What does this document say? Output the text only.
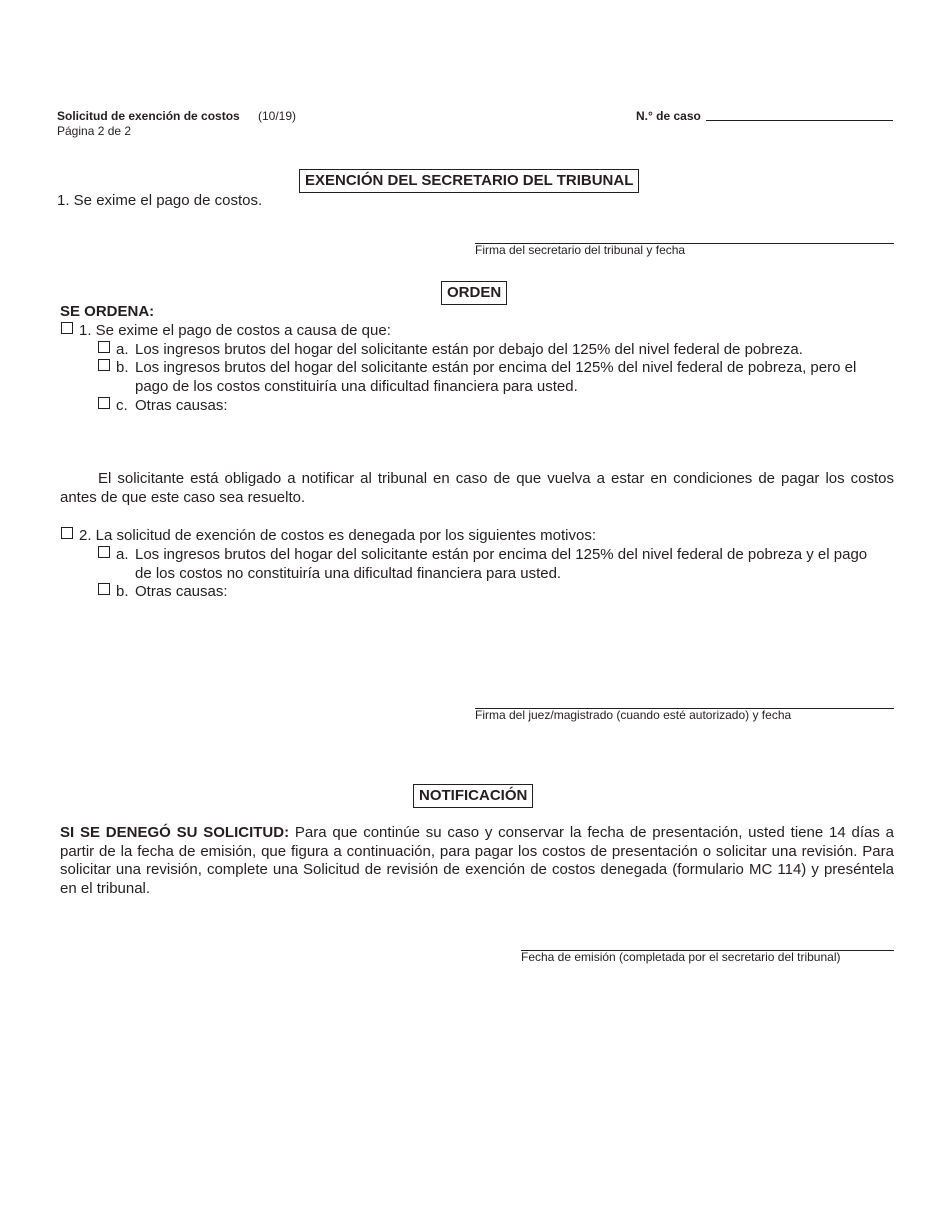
Solicitud de exención de costos (10/19)
Página 2 de 2
N.° de caso
EXENCIÓN DEL SECRETARIO DEL TRIBUNAL
1. Se exime el pago de costos.
Firma del secretario del tribunal y fecha
ORDEN
SE ORDENA:
1. Se exime el pago de costos a causa de que:
a. Los ingresos brutos del hogar del solicitante están por debajo del 125% del nivel federal de pobreza.
b. Los ingresos brutos del hogar del solicitante están por encima del 125% del nivel federal de pobreza, pero el
pago de los costos constituiría una dificultad financiera para usted.
c. Otras causas:
El solicitante está obligado a notificar al tribunal en caso de que vuelva a estar en condiciones de pagar los costos antes de que este caso sea resuelto.
2. La solicitud de exención de costos es denegada por los siguientes motivos:
a. Los ingresos brutos del hogar del solicitante están por encima del 125% del nivel federal de pobreza y el pago
de los costos no constituiría una dificultad financiera para usted.
b. Otras causas:
Firma del juez/magistrado (cuando esté autorizado) y fecha
NOTIFICACIÓN
SI SE DENEGÓ SU SOLICITUD: Para que continúe su caso y conservar la fecha de presentación, usted tiene 14 días a partir de la fecha de emisión, que figura a continuación, para pagar los costos de presentación o solicitar una revisión. Para solicitar una revisión, complete una Solicitud de revisión de exención de costos denegada (formulario MC 114) y preséntela en el tribunal.
Fecha de emisión (completada por el secretario del tribunal)
